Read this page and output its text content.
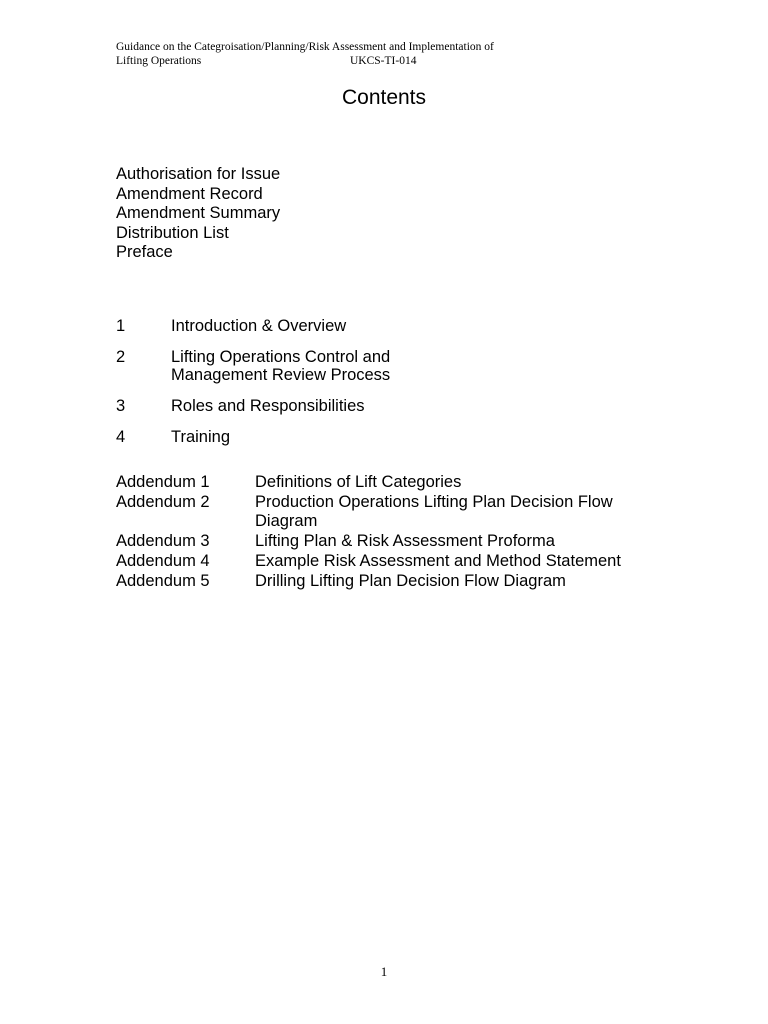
Guidance on the Categroisation/Planning/Risk Assessment and Implementation of
Lifting Operations	UKCS-TI-014
Contents
Authorisation for Issue
Amendment Record
Amendment Summary
Distribution List
Preface
1	Introduction & Overview
2	Lifting Operations Control and
Management Review Process
3	Roles and Responsibilities
4	Training
Addendum 1	Definitions of Lift Categories
Addendum 2	Production Operations Lifting Plan Decision Flow Diagram
Addendum 3	Lifting Plan & Risk Assessment Proforma
Addendum 4	Example Risk Assessment and Method Statement
Addendum 5	Drilling Lifting Plan Decision Flow Diagram
1
